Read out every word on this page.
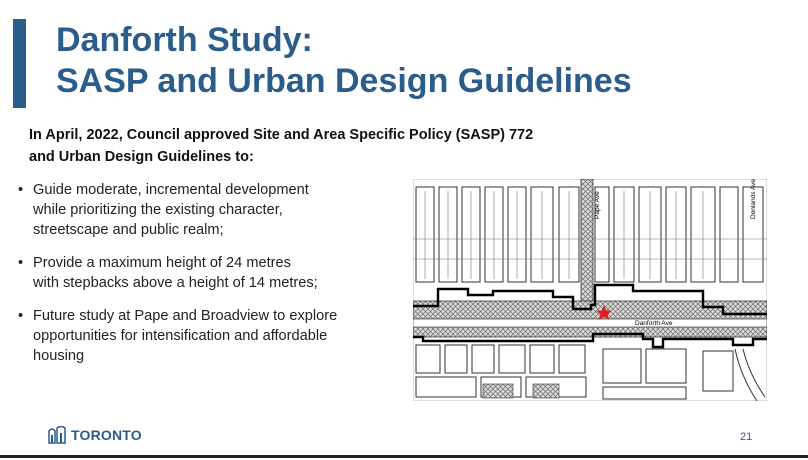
Danforth Study:
SASP and Urban Design Guidelines
In April, 2022, Council approved Site and Area Specific Policy (SASP) 772
and Urban Design Guidelines to:
• Guide moderate, incremental development
while prioritizing the existing character,
streetscape and public realm;
• Provide a maximum height of 24 metres
with stepbacks above a height of 14 metres;
• Future study at Pape and Broadview to explore
opportunities for intensification and affordable
housing
Pape Ave	Donlands Ave
Danforth Ave
TORONTO	21
